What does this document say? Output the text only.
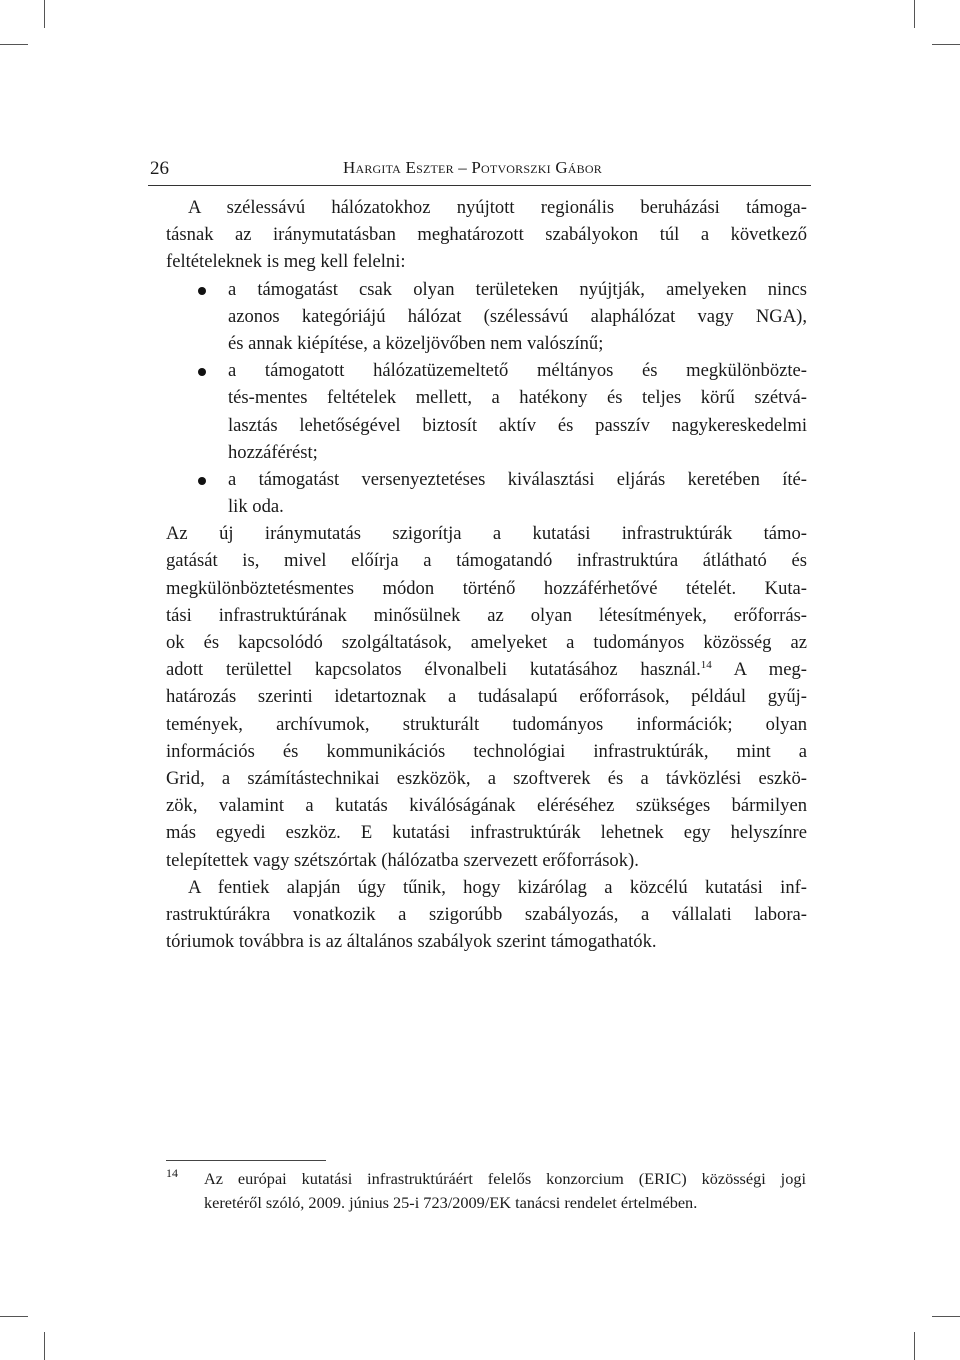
26	Hargita Eszter – Potvorszki Gábor
A szélessávú hálózatokhoz nyújtott regionális beruházási támoga-
tásnak az iránymutatásban meghatározott szabályokon túl a következő
feltételeknek is meg kell felelni:
a támogatást csak olyan területeken nyújtják, amelyeken nincs
azonos kategóriájú hálózat (szélessávú alaphálózat vagy NGA),
és annak kiépítése, a közeljövőben nem valószínű;
a támogatott hálózatüzemeltető méltányos és megkülönbözte-
tés-mentes feltételek mellett, a hatékony és teljes körű szétvá-
lasztás lehetőségével biztosít aktív és passzív nagykereskedelmi
hozzáférést;
a támogatást versenyeztetéses kiválasztási eljárás keretében íté-
lik oda.
Az új iránymutatás szigorítja a kutatási infrastruktúrák támo-
gatását is, mivel előírja a támogatandó infrastruktúra átlátható és
megkülönböztetésmentes módon történő hozzáférhetővé tételét. Kuta-
tási infrastruktúrának minősülnek az olyan létesítmények, erőforrás-
ok és kapcsolódó szolgáltatások, amelyeket a tudományos közösség az
adott területtel kapcsolatos élvonalbeli kutatásához használ.$^{14}$ A meg-
határozás szerinti idetartoznak a tudásalapú erőforrások, például gyűj-
temények, archívumok, strukturált tudományos információk; olyan
információs és kommunikációs technológiai infrastruktúrák, mint a
Grid, a számítástechnikai eszközök, a szoftverek és a távközlési eszkö-
zök, valamint a kutatás kiválóságának eléréséhez szükséges bármilyen
más egyedi eszköz. E kutatási infrastruktúrák lehetnek egy helyszínre
telepítettek vagy szétszórtak (hálózatba szervezett erőforrások).
A fentiek alapján úgy tűnik, hogy kizárólag a közcélú kutatási inf-
rastruktúrákra vonatkozik a szigorúbb szabályozás, a vállalati labora-
tóriumok továbbra is az általános szabályok szerint támogathatók.
14 Az európai kutatási infrastruktúráért felelős konzorcium (ERIC) közösségi jogi
keretéről szóló, 2009. június 25-i 723/2009/EK tanácsi rendelet értelmében.
